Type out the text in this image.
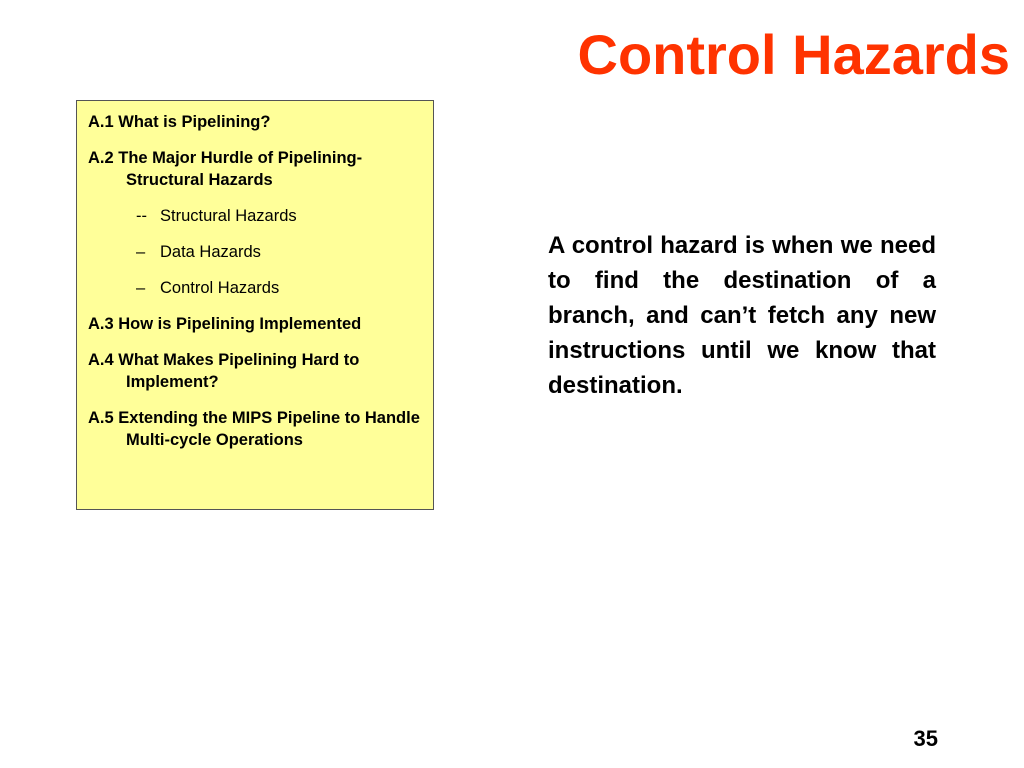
Control Hazards
A.1 What is Pipelining?
A.2 The Major Hurdle of Pipelining-Structural Hazards
-- Structural Hazards
– Data Hazards
– Control Hazards
A.3 How is Pipelining Implemented
A.4 What Makes Pipelining Hard to Implement?
A.5 Extending the MIPS Pipeline to Handle Multi-cycle Operations

A control hazard is when we need to find the destination of a branch, and can’t fetch any new instructions until we know that destination.

35
